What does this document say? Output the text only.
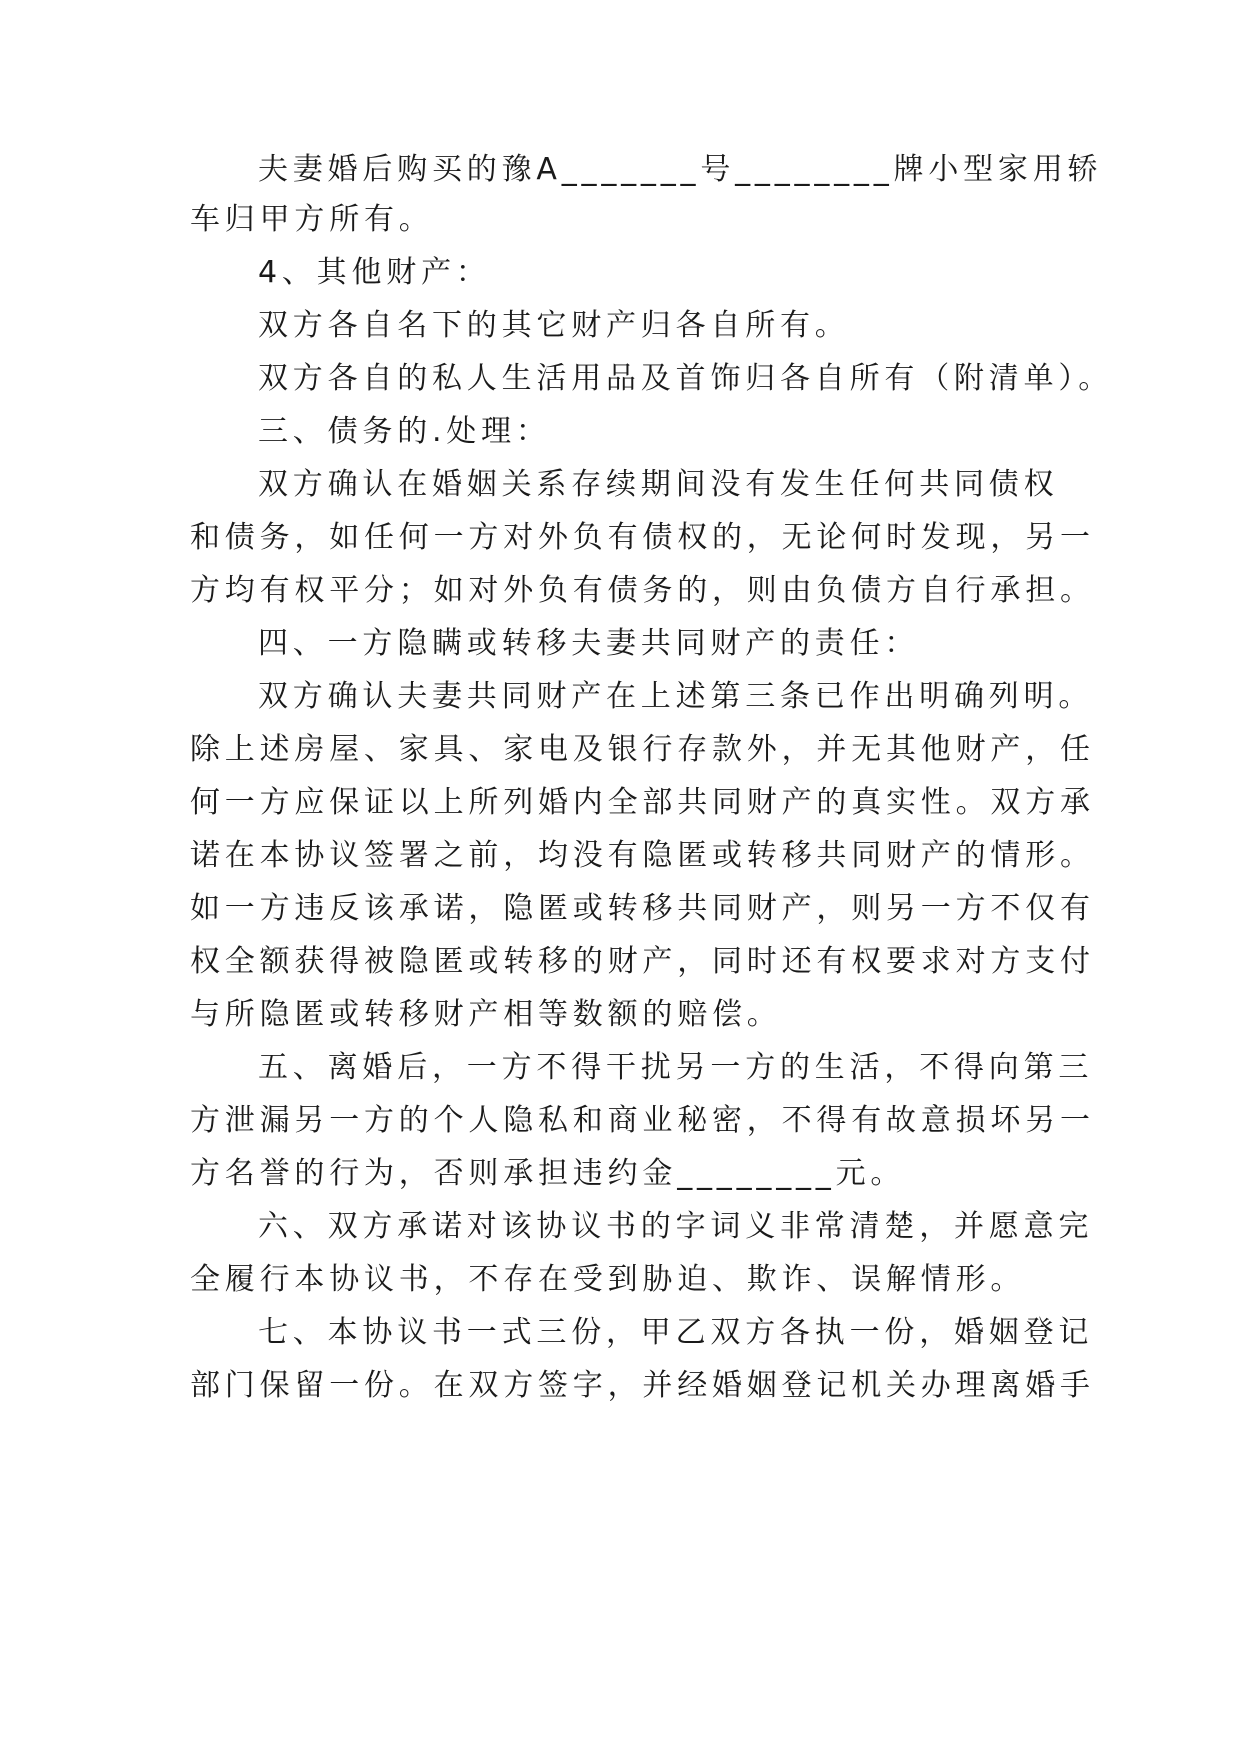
夫妻婚后购买的豫A_______号________牌小型家用轿
车归甲方所有。
4、其他财产：
双方各自名下的其它财产归各自所有。
双方各自的私人生活用品及首饰归各自所有（附清单）。
三、债务的.处理：
双方确认在婚姻关系存续期间没有发生任何共同债权
和债务，如任何一方对外负有债权的，无论何时发现，另一
方均有权平分；如对外负有债务的，则由负债方自行承担。
四、一方隐瞒或转移夫妻共同财产的责任：
双方确认夫妻共同财产在上述第三条已作出明确列明。
除上述房屋、家具、家电及银行存款外，并无其他财产，任
何一方应保证以上所列婚内全部共同财产的真实性。双方承
诺在本协议签署之前，均没有隐匿或转移共同财产的情形。
如一方违反该承诺，隐匿或转移共同财产，则另一方不仅有
权全额获得被隐匿或转移的财产，同时还有权要求对方支付
与所隐匿或转移财产相等数额的赔偿。
五、离婚后，一方不得干扰另一方的生活，不得向第三
方泄漏另一方的个人隐私和商业秘密，不得有故意损坏另一
方名誉的行为，否则承担违约金________元。
六、双方承诺对该协议书的字词义非常清楚，并愿意完
全履行本协议书，不存在受到胁迫、欺诈、误解情形。
七、本协议书一式三份，甲乙双方各执一份，婚姻登记
部门保留一份。在双方签字，并经婚姻登记机关办理离婚手
